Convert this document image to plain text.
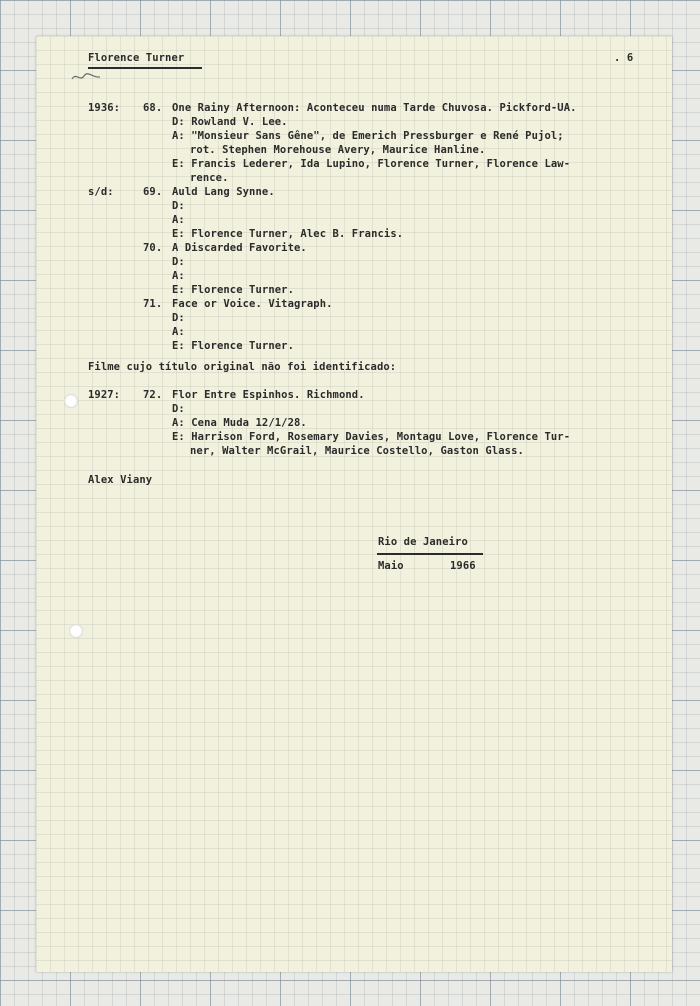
Florence Turner	. 6
1936: 68. One Rainy Afternoon: Aconteceu numa Tarde Chuvosa. Pickford-UA.
D: Rowland V. Lee.
A: "Monsieur Sans Gêne", de Emerich Pressburger e René Pujol;
rot. Stephen Morehouse Avery, Maurice Hanline.
E: Francis Lederer, Ida Lupino, Florence Turner, Florence Law-
rence.
s/d:	69. Auld Lang Synne.
D:
A:
E: Florence Turner, Alec B. Francis.
70. A Discarded Favorite.
D:
A:
E: Florence Turner.
71. Face or Voice. Vitagraph.
D:
A:
E: Florence Turner.
Filme cujo título original não foi identificado:
1927: 72. Flor Entre Espinhos. Richmond.
D:
A: Cena Muda 12/1/28.
E: Harrison Ford, Rosemary Davies, Montagu Love, Florence Tur-
ner, Walter McGrail, Maurice Costello, Gaston Glass.
Alex Viany
Rio de Janeiro
Maio	1966
